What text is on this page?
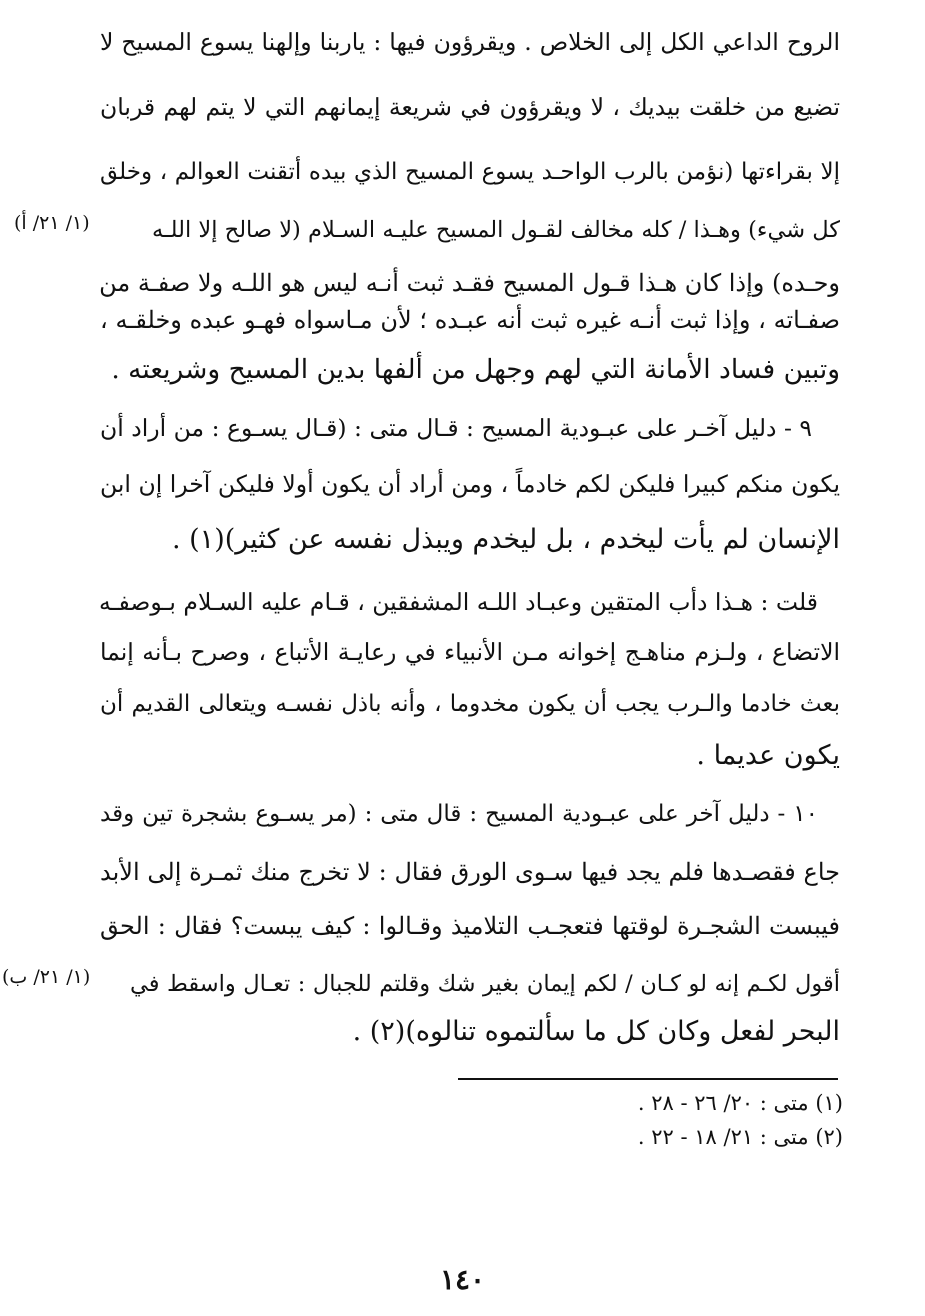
الروح الداعي الكل إلى الخلاص . ويقرؤون فيها : ياربنا وإلهنا يسوع المسيح لا
تضيع من خلقت بيديك ، لا ويقرؤون في شريعة إيمانهم التي لا يتم لهم قربان
إلا بقراءتها (نؤمن بالرب الواحـد يسوع المسيح الذي بيده أتقنت العوالم ، وخلق
كل شيء) وهـذا / كله مخالف لقـول المسيح عليـه السـلام (لا صالح إلا اللـه
وحـده) وإذا كان هـذا قـول المسيح فقـد ثبت أنـه ليس هو اللـه ولا صفـة من
صفـاته ، وإذا ثبت أنـه غيره ثبت أنه عبـده ؛ لأن مـاسواه فهـو عبده وخلقـه ،
وتبين فساد الأمانة التي لهم وجهل من ألفها بدين المسيح وشريعته .
٩ - دليل آخـر على عبـودية المسيح : قـال متى : (قـال يسـوع : من أراد أن
يكون منكم كبيرا فليكن لكم خادماً ، ومن أراد أن يكون أولا فليكن آخرا إن ابن
الإنسان لم يأت ليخدم ، بل ليخدم ويبذل نفسه عن كثير)(١) .
قلت : هـذا دأب المتقين وعبـاد اللـه المشفقين ، قـام عليه السـلام بـوصفـه
الاتضاع ، ولـزم مناهـج إخوانه مـن الأنبياء في رعايـة الأتباع ، وصرح بـأنه إنما
بعث خادما والـرب يجب أن يكون مخدوما ، وأنه باذل نفسـه ويتعالى القديم أن
يكون عديما .
١٠ - دليل آخر على عبـودية المسيح : قال متى : (مر يسـوع بشجرة تين وقد
جاع فقصـدها فلم يجد فيها سـوى الورق فقال : لا تخرج منك ثمـرة إلى الأبد
فيبست الشجـرة لوقتها فتعجـب التلاميذ وقـالوا : كيف يبست؟ فقال : الحق
أقول لكـم إنه لو كـان / لكم إيمان بغير شك وقلتم للجبال : تعـال واسقط في
البحر لفعل وكان كل ما سألتموه تنالوه)(٢) .
(١/ ٢١/ أ)
(١/ ٢١/ ب)
(١) متى : ٢٠/ ٢٦ - ٢٨ .
(٢) متى : ٢١/ ١٨ - ٢٢ .
١٤٠
